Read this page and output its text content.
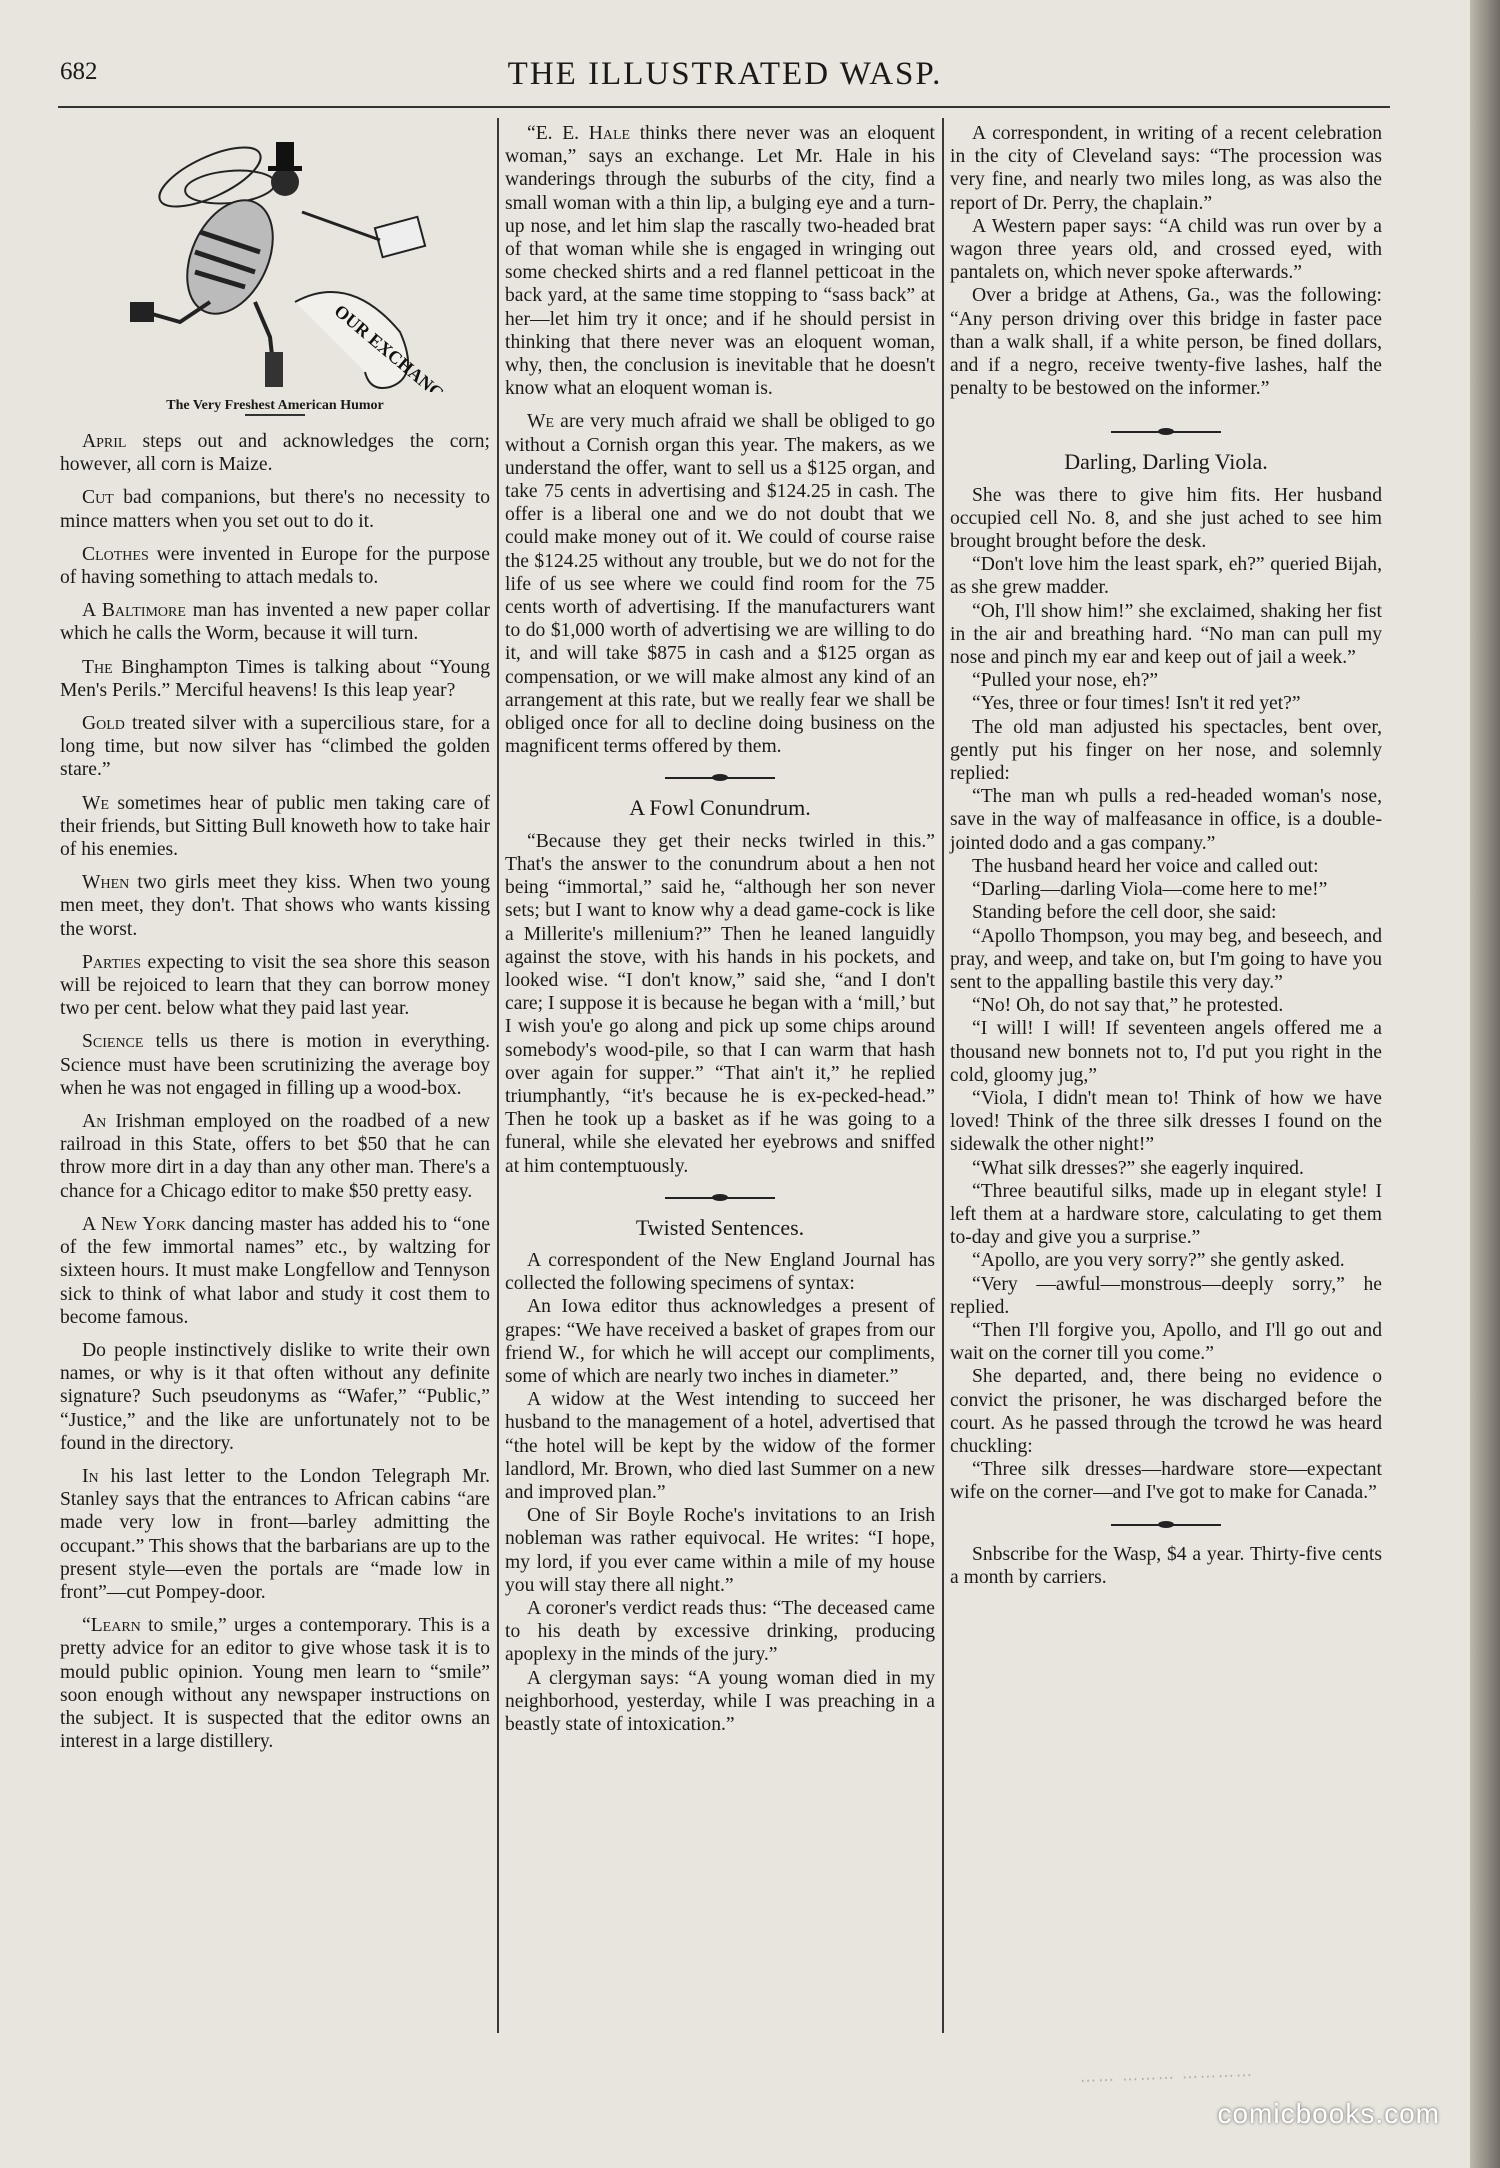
682	THE ILLUSTRATED WASP.
OUR EXCHANGES
The Very Freshest American Humor

April steps out and acknowledges the corn; however, all corn is Maize.

Cut bad companions, but there's no necessity to mince matters when you set out to do it.

Clothes were invented in Europe for the purpose of having something to attach medals to.

A Baltimore man has invented a new paper collar which he calls the Worm, because it will turn.

The Binghampton Times is talking about “Young Men's Perils.” Merciful heavens! Is this leap year?

Gold treated silver with a supercilious stare, for a long time, but now silver has “climbed the golden stare.”

We sometimes hear of public men taking care of their friends, but Sitting Bull knoweth how to take hair of his enemies.

When two girls meet they kiss. When two young men meet, they don't. That shows who wants kissing the worst.

Parties expecting to visit the sea shore this season will be rejoiced to learn that they can borrow money two per cent. below what they paid last year.

Science tells us there is motion in everything. Science must have been scrutinizing the average boy when he was not engaged in filling up a wood-box.

An Irishman employed on the roadbed of a new railroad in this State, offers to bet $50 that he can throw more dirt in a day than any other man. There's a chance for a Chicago editor to make $50 pretty easy.

A New York dancing master has added his to “one of the few immortal names” etc., by waltzing for sixteen hours. It must make Longfellow and Tennyson sick to think of what labor and study it cost them to become famous.

Do people instinctively dislike to write their own names, or why is it that often without any definite signature? Such pseudonyms as “Wafer,” “Public,” “Justice,” and the like are unfortunately not to be found in the directory.

In his last letter to the London Telegraph Mr. Stanley says that the entrances to African cabins “are made very low in front—barley admitting the occupant.” This shows that the barbarians are up to the present style—even the portals are “made low in front”—cut Pompey-door.

“Learn to smile,” urges a contemporary. This is a pretty advice for an editor to give whose task it is to mould public opinion. Young men learn to “smile” soon enough without any newspaper instructions on the subject. It is suspected that the editor owns an interest in a large distillery.

“E. E. Hale thinks there never was an eloquent woman,” says an exchange. Let Mr. Hale in his wanderings through the suburbs of the city, find a small woman with a thin lip, a bulging eye and a turn-up nose, and let him slap the rascally two-headed brat of that woman while she is engaged in wringing out some checked shirts and a red flannel petticoat in the back yard, at the same time stopping to “sass back” at her—let him try it once; and if he should persist in thinking that there never was an eloquent woman, why, then, the conclusion is inevitable that he doesn't know what an eloquent woman is.

We are very much afraid we shall be obliged to go without a Cornish organ this year. The makers, as we understand the offer, want to sell us a $125 organ, and take 75 cents in advertising and $124.25 in cash. The offer is a liberal one and we do not doubt that we could make money out of it. We could of course raise the $124.25 without any trouble, but we do not for the life of us see where we could find room for the 75 cents worth of advertising. If the manufacturers want to do $1,000 worth of advertising we are willing to do it, and will take $875 in cash and a $125 organ as compensation, or we will make almost any kind of an arrangement at this rate, but we really fear we shall be obliged once for all to decline doing business on the magnificent terms offered by them.

A Fowl Conundrum.

“Because they get their necks twirled in this.” That's the answer to the conundrum about a hen not being “immortal,” said he, “although her son never sets; but I want to know why a dead game-cock is like a Millerite's millenium?” Then he leaned languidly against the stove, with his hands in his pockets, and looked wise. “I don't know,” said she, “and I don't care; I suppose it is because he began with a ‘mill,’ but I wish you'e go along and pick up some chips around somebody's wood-pile, so that I can warm that hash over again for supper.” “That ain't it,” he replied triumphantly, “it's because he is ex-pecked-head.” Then he took up a basket as if he was going to a funeral, while she elevated her eyebrows and sniffed at him contemptuously.

Twisted Sentences.

A correspondent of the New England Journal has collected the following specimens of syntax:

An Iowa editor thus acknowledges a present of grapes: “We have received a basket of grapes from our friend W., for which he will accept our compliments, some of which are nearly two inches in diameter.”

A widow at the West intending to succeed her husband to the management of a hotel, advertised that “the hotel will be kept by the widow of the former landlord, Mr. Brown, who died last Summer on a new and improved plan.”

One of Sir Boyle Roche's invitations to an Irish nobleman was rather equivocal. He writes: “I hope, my lord, if you ever came within a mile of my house you will stay there all night.”

A coroner's verdict reads thus: “The deceased came to his death by excessive drinking, producing apoplexy in the minds of the jury.”

A clergyman says: “A young woman died in my neighborhood, yesterday, while I was preaching in a beastly state of intoxication.”

A correspondent, in writing of a recent celebration in the city of Cleveland says: “The procession was very fine, and nearly two miles long, as was also the report of Dr. Perry, the chaplain.”

A Western paper says: “A child was run over by a wagon three years old, and crossed eyed, with pantalets on, which never spoke afterwards.”

Over a bridge at Athens, Ga., was the following: “Any person driving over this bridge in faster pace than a walk shall, if a white person, be fined dollars, and if a negro, receive twenty-five lashes, half the penalty to be bestowed on the informer.”

Darling, Darling Viola.

She was there to give him fits. Her husband occupied cell No. 8, and she just ached to see him brought brought before the desk.

“Don't love him the least spark, eh?” queried Bijah, as she grew madder.

“Oh, I'll show him!” she exclaimed, shaking her fist in the air and breathing hard. “No man can pull my nose and pinch my ear and keep out of jail a week.”

“Pulled your nose, eh?”

“Yes, three or four times! Isn't it red yet?”

The old man adjusted his spectacles, bent over, gently put his finger on her nose, and solemnly replied:

“The man wh pulls a red-headed woman's nose, save in the way of malfeasance in office, is a double-jointed dodo and a gas company.”

The husband heard her voice and called out:

“Darling—darling Viola—come here to me!”

Standing before the cell door, she said:

“Apollo Thompson, you may beg, and beseech, and pray, and weep, and take on, but I'm going to have you sent to the appalling bastile this very day.”

“No! Oh, do not say that,” he protested.

“I will! I will! If seventeen angels offered me a thousand new bonnets not to, I'd put you right in the cold, gloomy jug,”

“Viola, I didn't mean to! Think of how we have loved! Think of the three silk dresses I found on the sidewalk the other night!”

“What silk dresses?” she eagerly inquired.

“Three beautiful silks, made up in elegant style! I left them at a hardware store, calculating to get them to-day and give you a surprise.”

“Apollo, are you very sorry?” she gently asked.

“Very —awful—monstrous—deeply sorry,” he replied.

“Then I'll forgive you, Apollo, and I'll go out and wait on the corner till you come.”

She departed, and, there being no evidence o convict the prisoner, he was discharged before the court. As he passed through the tcrowd he was heard chuckling:

“Three silk dresses—hardware store—expectant wife on the corner—and I've got to make for Canada.”

Snbscribe for the Wasp, $4 a year. Thirty-five cents a month by carriers.

⋯⋯ ⋯⋯⋯ ⋯⋯⋯⋯
comicbooks.com
